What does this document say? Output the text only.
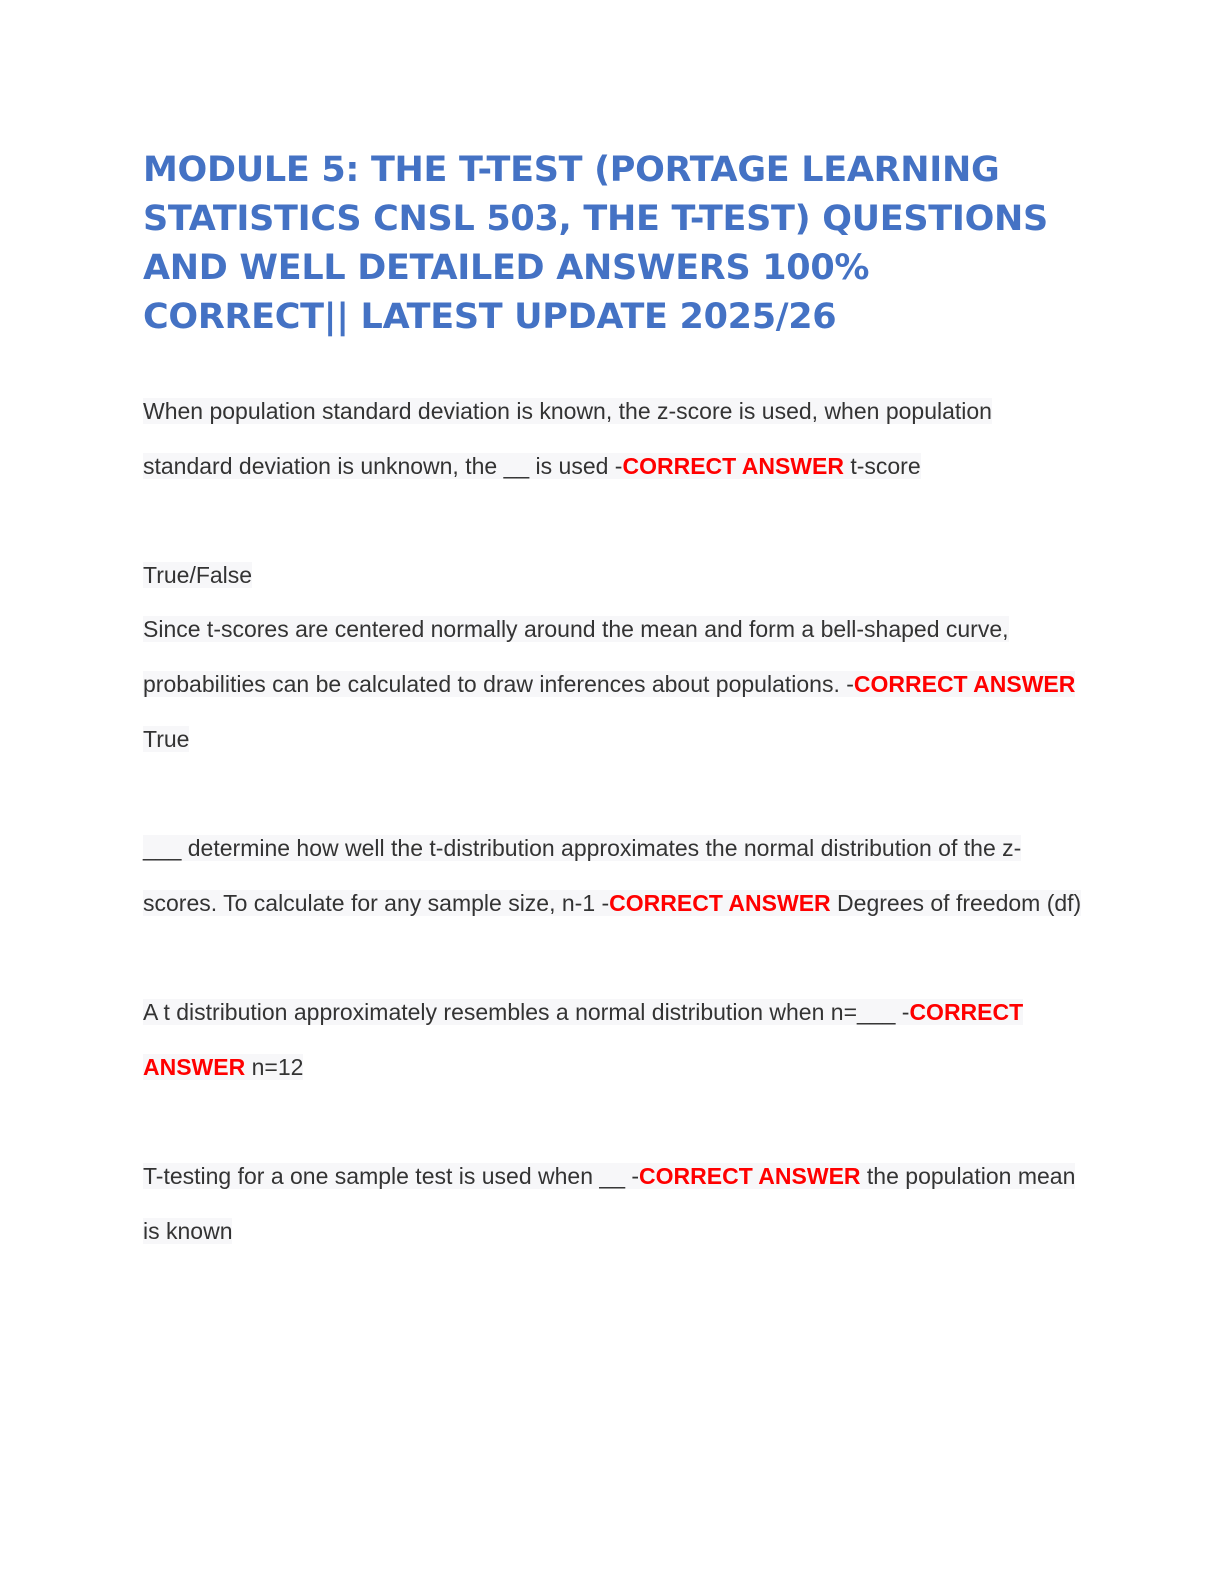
MODULE 5: THE T-TEST (PORTAGE LEARNING STATISTICS CNSL 503, THE T-TEST) QUESTIONS AND WELL DETAILED ANSWERS 100% CORRECT|| LATEST UPDATE 2025/26

When population standard deviation is known, the z-score is used, when population standard deviation is unknown, the __ is used -CORRECT ANSWER t-score

True/False
Since t-scores are centered normally around the mean and form a bell-shaped curve, probabilities can be calculated to draw inferences about populations. -CORRECT ANSWER True

___ determine how well the t-distribution approximates the normal distribution of the z-scores. To calculate for any sample size, n-1 -CORRECT ANSWER Degrees of freedom (df)

A t distribution approximately resembles a normal distribution when n=___ -CORRECT ANSWER n=12

T-testing for a one sample test is used when __ -CORRECT ANSWER the population mean is known
